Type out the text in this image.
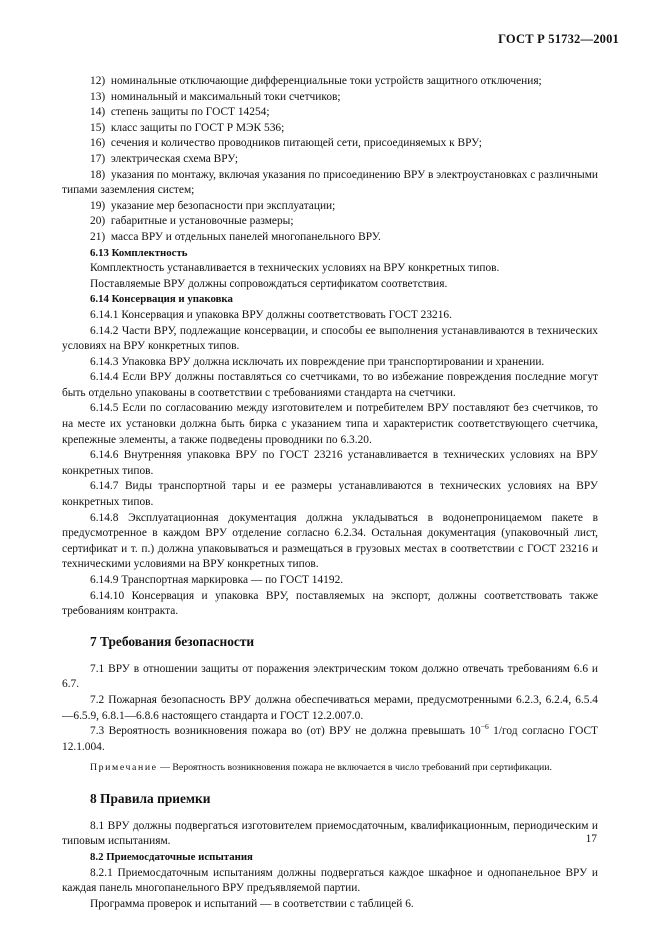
ГОСТ Р 51732—2001

12)  номинальные отключающие дифференциальные токи устройств защитного отключения;

13)  номинальный и максимальный токи счетчиков;

14)  степень защиты по ГОСТ 14254;

15)  класс защиты по ГОСТ Р МЭК 536;

16)  сечения и количество проводников питающей сети, присоединяемых к ВРУ;

17)  электрическая схема ВРУ;

18)  указания по монтажу, включая указания по присоединению ВРУ в электроустановках с различными типами заземления систем;

19)  указание мер безопасности при эксплуатации;

20)  габаритные и установочные размеры;

21)  масса ВРУ и отдельных панелей многопанельного ВРУ.

6.13 Комплектность

Комплектность устанавливается в технических условиях на ВРУ конкретных типов.

Поставляемые ВРУ должны сопровождаться сертификатом соответствия.

6.14 Консервация и упаковка

6.14.1 Консервация и упаковка ВРУ должны соответствовать ГОСТ 23216.

6.14.2 Части ВРУ, подлежащие консервации, и способы ее выполнения устанавливаются в технических условиях на ВРУ конкретных типов.

6.14.3 Упаковка ВРУ должна исключать их повреждение при транспортировании и хранении.

6.14.4 Если ВРУ должны поставляться со счетчиками, то во избежание повреждения последние могут быть отдельно упакованы в соответствии с требованиями стандарта на счетчики.

6.14.5 Если по согласованию между изготовителем и потребителем ВРУ поставляют без счетчиков, то на месте их установки должна быть бирка с указанием типа и характеристик соответствующего счетчика, крепежные элементы, а также подведены проводники по 6.3.20.

6.14.6 Внутренняя упаковка ВРУ по ГОСТ 23216 устанавливается в технических условиях на ВРУ конкретных типов.

6.14.7 Виды транспортной тары и ее размеры устанавливаются в технических условиях на ВРУ конкретных типов.

6.14.8 Эксплуатационная документация должна укладываться в водонепроницаемом пакете в предусмотренное в каждом ВРУ отделение согласно 6.2.34. Остальная документация (упаковочный лист, сертификат и т. п.) должна упаковываться и размещаться в грузовых местах в соответствии с ГОСТ 23216 и техническими условиями на ВРУ конкретных типов.

6.14.9 Транспортная маркировка — по ГОСТ 14192.

6.14.10 Консервация и упаковка ВРУ, поставляемых на экспорт, должны соответствовать также требованиям контракта.

7 Требования безопасности

7.1 ВРУ в отношении защиты от поражения электрическим током должно отвечать требованиям 6.6 и 6.7.

7.2 Пожарная безопасность ВРУ должна обеспечиваться мерами, предусмотренными 6.2.3, 6.2.4, 6.5.4—6.5.9, 6.8.1—6.8.6 настоящего стандарта и ГОСТ 12.2.007.0.

7.3 Вероятность возникновения пожара во (от) ВРУ не должна превышать $10^{-6}$ 1/год согласно ГОСТ 12.1.004.

Примечание — Вероятность возникновения пожара не включается в число требований при сертификации.

8 Правила приемки

8.1 ВРУ должны подвергаться изготовителем приемосдаточным, квалификационным, периодическим и типовым испытаниям.

8.2 Приемосдаточные испытания

8.2.1 Приемосдаточным испытаниям должны подвергаться каждое шкафное и однопанельное ВРУ и каждая панель многопанельного ВРУ предъявляемой партии.

Программа проверок и испытаний — в соответствии с таблицей 6.

17
